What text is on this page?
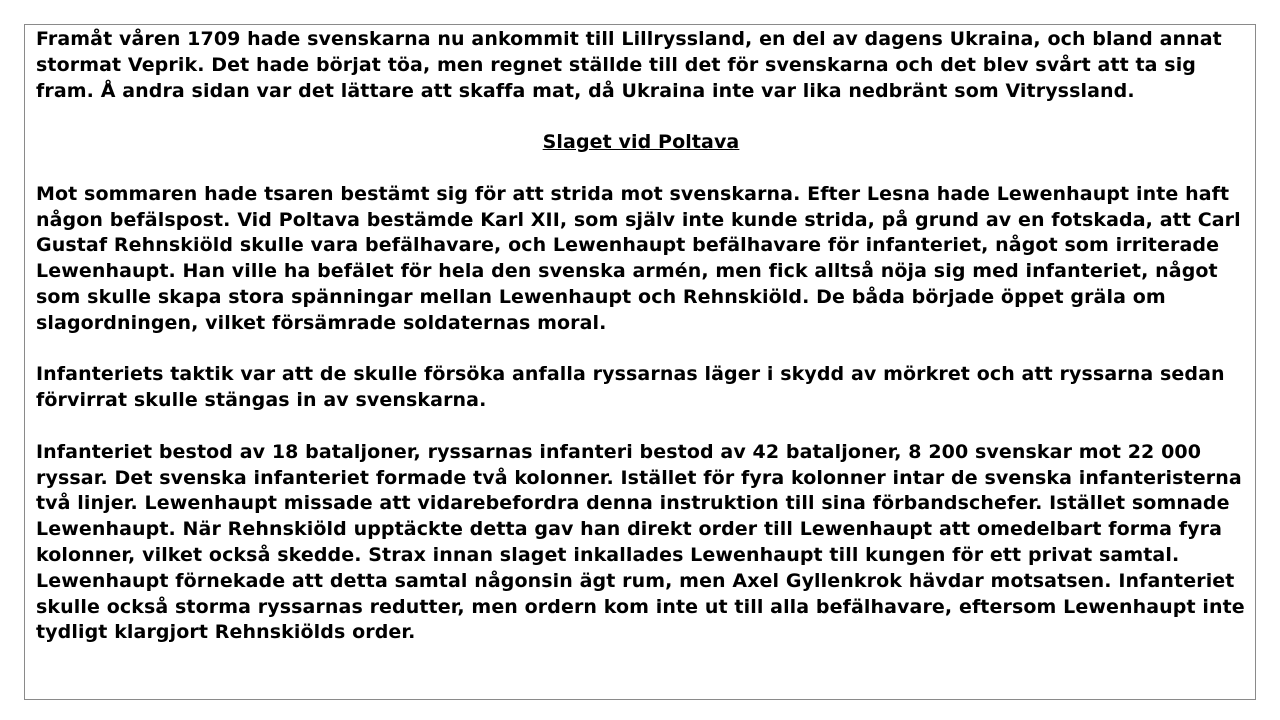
Framåt våren 1709 hade svenskarna nu ankommit till Lillryssland, en del av dagens Ukraina, och bland annat stormat Veprik. Det hade börjat töa, men regnet ställde till det för svenskarna och det blev svårt att ta sig fram. Å andra sidan var det lättare att skaffa mat, då Ukraina inte var lika nedbränt som Vitryssland.

Slaget vid Poltava

Mot sommaren hade tsaren bestämt sig för att strida mot svenskarna. Efter Lesna hade Lewenhaupt inte haft någon befälspost. Vid Poltava bestämde Karl XII, som själv inte kunde strida, på grund av en fotskada, att Carl Gustaf Rehnskiöld skulle vara befälhavare, och Lewenhaupt befälhavare för infanteriet, något som irriterade Lewenhaupt. Han ville ha befälet för hela den svenska armén, men fick alltså nöja sig med infanteriet, något som skulle skapa stora spänningar mellan Lewenhaupt och Rehnskiöld. De båda började öppet gräla om slagordningen, vilket försämrade soldaternas moral.

Infanteriets taktik var att de skulle försöka anfalla ryssarnas läger i skydd av mörkret och att ryssarna sedan förvirrat skulle stängas in av svenskarna.

Infanteriet bestod av 18 bataljoner, ryssarnas infanteri bestod av 42 bataljoner, 8 200 svenskar mot 22 000 ryssar. Det svenska infanteriet formade två kolonner. Istället för fyra kolonner intar de svenska infanteristerna två linjer. Lewenhaupt missade att vidarebefordra denna instruktion till sina förbandschefer. Istället somnade Lewenhaupt. När Rehnskiöld upptäckte detta gav han direkt order till Lewenhaupt att omedelbart forma fyra kolonner, vilket också skedde. Strax innan slaget inkallades Lewenhaupt till kungen för ett privat samtal. Lewenhaupt förnekade att detta samtal någonsin ägt rum, men Axel Gyllenkrok hävdar motsatsen. Infanteriet skulle också storma ryssarnas redutter, men ordern kom inte ut till alla befälhavare, eftersom Lewenhaupt inte tydligt klargjort Rehnskiölds order.
